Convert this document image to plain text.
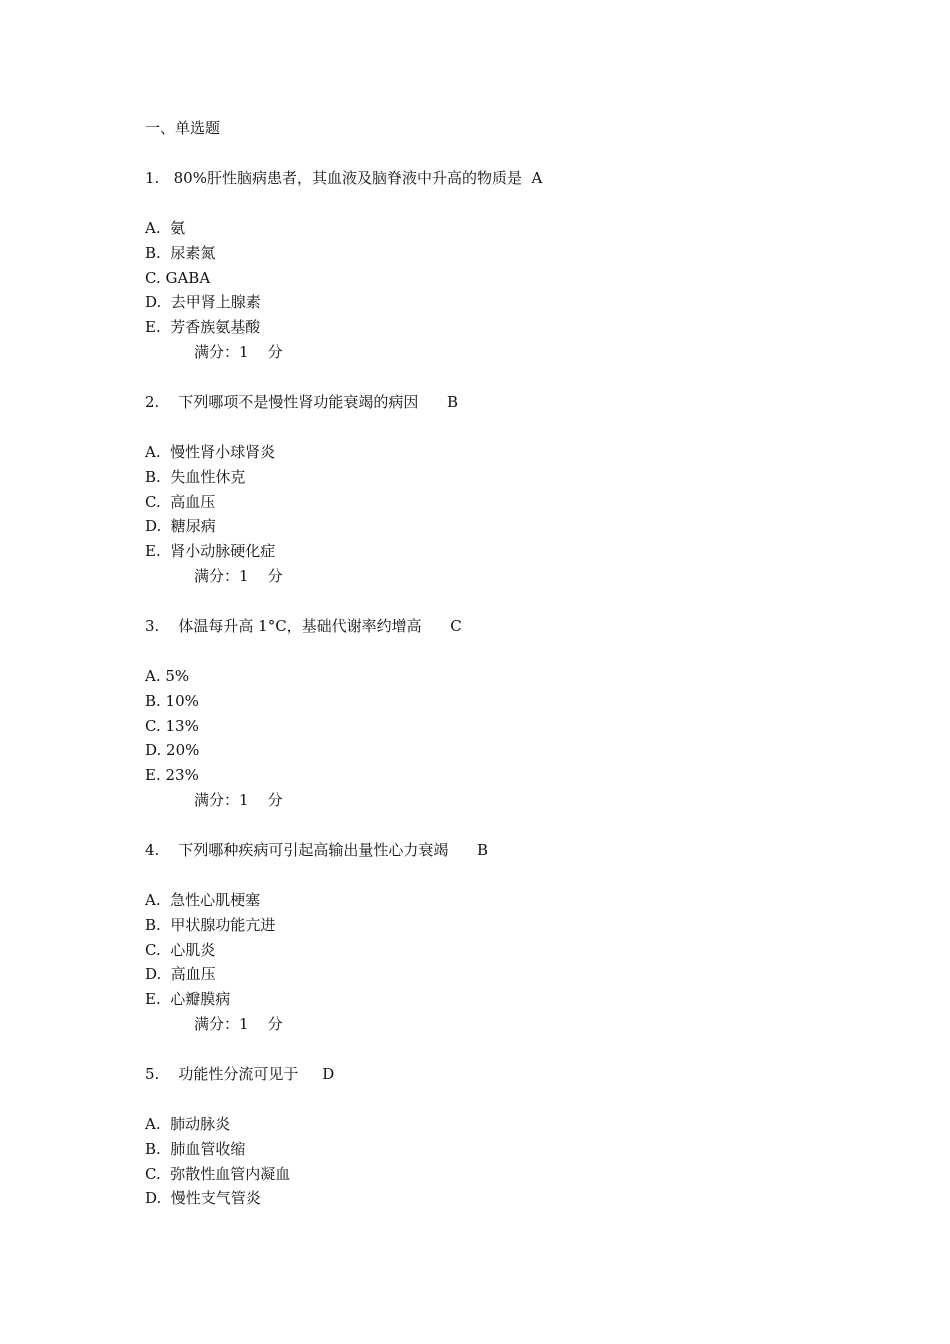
一、单选题
1.   80%肝性脑病患者，其血液及脑脊液中升高的物质是  A
A.  氨
B.  尿素氮
C. GABA
D.  去甲肾上腺素
E.  芳香族氨基酸
满分：1    分
2.    下列哪项不是慢性肾功能衰竭的病因      B
A.  慢性肾小球肾炎
B.  失血性休克
C.  高血压
D.  糖尿病
E.  肾小动脉硬化症
满分：1    分
3.    体温每升高 1°C，基础代谢率约增高      C
A. 5%
B. 10%
C. 13%
D. 20%
E. 23%
满分：1    分
4.    下列哪种疾病可引起高输出量性心力衰竭      B
A.  急性心肌梗塞
B.  甲状腺功能亢进
C.  心肌炎
D.  高血压
E.  心瓣膜病
满分：1    分
5.    功能性分流可见于     D
A.  肺动脉炎
B.  肺血管收缩
C.  弥散性血管内凝血
D.  慢性支气管炎
